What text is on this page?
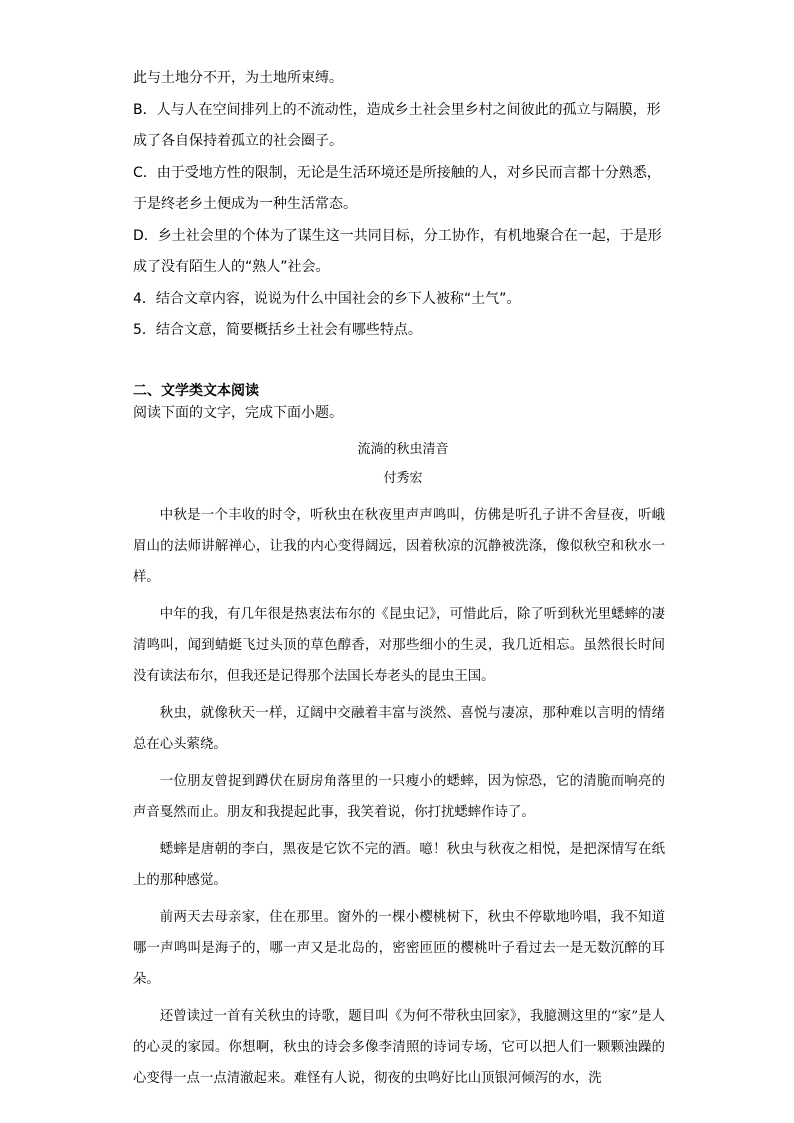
此与土地分不开，为土地所束缚。

B．人与人在空间排列上的不流动性，造成乡土社会里乡村之间彼此的孤立与隔膜，形

成了各自保持着孤立的社会圈子。

C．由于受地方性的限制，无论是生活环境还是所接触的人，对乡民而言都十分熟悉，

于是终老乡土便成为一种生活常态。

D．乡土社会里的个体为了谋生这一共同目标，分工协作，有机地聚合在一起，于是形

成了没有陌生人的“熟人”社会。

4．结合文章内容，说说为什么中国社会的乡下人被称“土气”。

5．结合文意，简要概括乡土社会有哪些特点。

二、文学类文本阅读

阅读下面的文字，完成下面小题。

流淌的秋虫清音

付秀宏

中秋是一个丰收的时令，听秋虫在秋夜里声声鸣叫，仿佛是听孔子讲不舍昼夜，听峨眉山的法师讲解禅心，让我的内心变得阔远，因着秋凉的沉静被洗涤，像似秋空和秋水一样。

中年的我，有几年很是热衷法布尔的《昆虫记》，可惜此后，除了听到秋光里蟋蟀的凄清鸣叫，闻到蜻蜓飞过头顶的草色醇香，对那些细小的生灵，我几近相忘。虽然很长时间没有读法布尔，但我还是记得那个法国长寿老头的昆虫王国。

秋虫，就像秋天一样，辽阔中交融着丰富与淡然、喜悦与凄凉，那种难以言明的情绪总在心头萦绕。

一位朋友曾捉到蹲伏在厨房角落里的一只瘦小的蟋蟀，因为惊恐，它的清脆而响亮的声音戛然而止。朋友和我提起此事，我笑着说，你打扰蟋蟀作诗了。

蟋蟀是唐朝的李白，黑夜是它饮不完的酒。噫！秋虫与秋夜之相悦，是把深情写在纸上的那种感觉。

前两天去母亲家，住在那里。窗外的一棵小樱桃树下，秋虫不停歇地吟唱，我不知道哪一声鸣叫是海子的，哪一声又是北岛的，密密匝匝的樱桃叶子看过去一是无数沉醉的耳朵。

还曾读过一首有关秋虫的诗歌，题目叫《为何不带秋虫回家》，我臆测这里的“家”是人的心灵的家园。你想啊，秋虫的诗会多像李清照的诗词专场，它可以把人们一颗颗浊躁的心变得一点一点清澈起来。难怪有人说，彻夜的虫鸣好比山顶银河倾泻的水，洗
